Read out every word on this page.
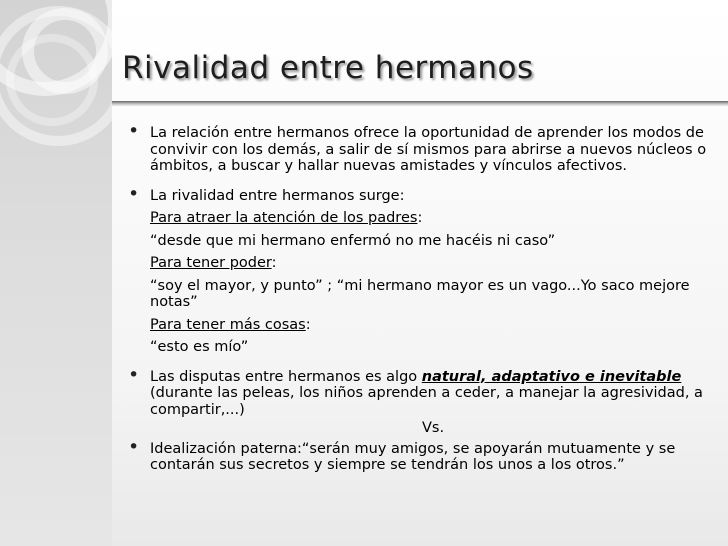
Rivalidad entre hermanos
• La relación entre hermanos ofrece la oportunidad de aprender los modos de convivir con los demás, a salir de sí mismos para abrirse a nuevos núcleos o ámbitos, a buscar y hallar nuevas amistades y vínculos afectivos.
• La rivalidad entre hermanos surge:
Para atraer la atención de los padres:
“desde que mi hermano enfermó no me hacéis ni caso”
Para tener poder:
“soy el mayor, y punto” ; “mi hermano mayor es un vago...Yo saco mejore notas”
Para tener más cosas:
“esto es mío”
• Las disputas entre hermanos es algo natural, adaptativo e inevitable (durante las peleas, los niños aprenden a ceder, a manejar la agresividad, a compartir,...)
Vs.
• Idealización paterna:“serán muy amigos, se apoyarán mutuamente y se contarán sus secretos y siempre se tendrán los unos a los otros.”
